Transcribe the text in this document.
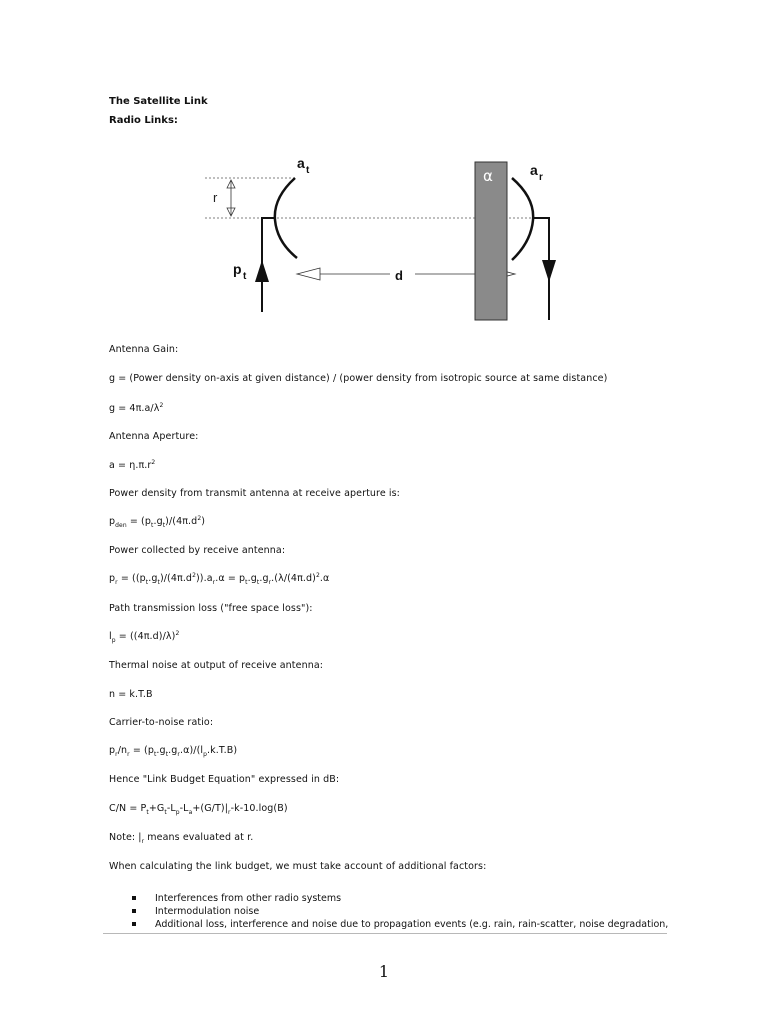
The Satellite Link
Radio Links:
r
a t
p t	d
α	a r
Antenna Gain:
g = (Power density on-axis at given distance) / (power density from isotropic source at same distance)
$g = 4\pi.a/\lambda^2$
Antenna Aperture:
$a = \eta.\pi.r^2$
Power density from transmit antenna at receive aperture is:
$p_{den} = (p_t.g_t)/(4\pi.d^2)$
Power collected by receive antenna:
$p_r = ((p_t.g_t)/(4\pi.d^2)).a_r.\alpha = p_t.g_t.g_r.(\lambda/(4\pi.d)^2.\alpha$
Path transmission loss ("free space loss"):
$l_p = ((4\pi.d)/\lambda)^2$
Thermal noise at output of receive antenna:
n = k.T.B
Carrier-to-noise ratio:
$p_r/n_r = (p_t.g_t.g_r.\alpha)/(l_p.k.T.B)$
Hence "Link Budget Equation" expressed in dB:
$C/N = P_t+G_t-L_p-L_a+(G/T)|_r-k-10.\log(B)$
Note: $|_r$ means evaluated at r.
When calculating the link budget, we must take account of additional factors:
Interferences from other radio systems
Intermodulation noise
Additional loss, interference and noise due to propagation events (e.g. rain, rain-scatter, noise degradation,
1
